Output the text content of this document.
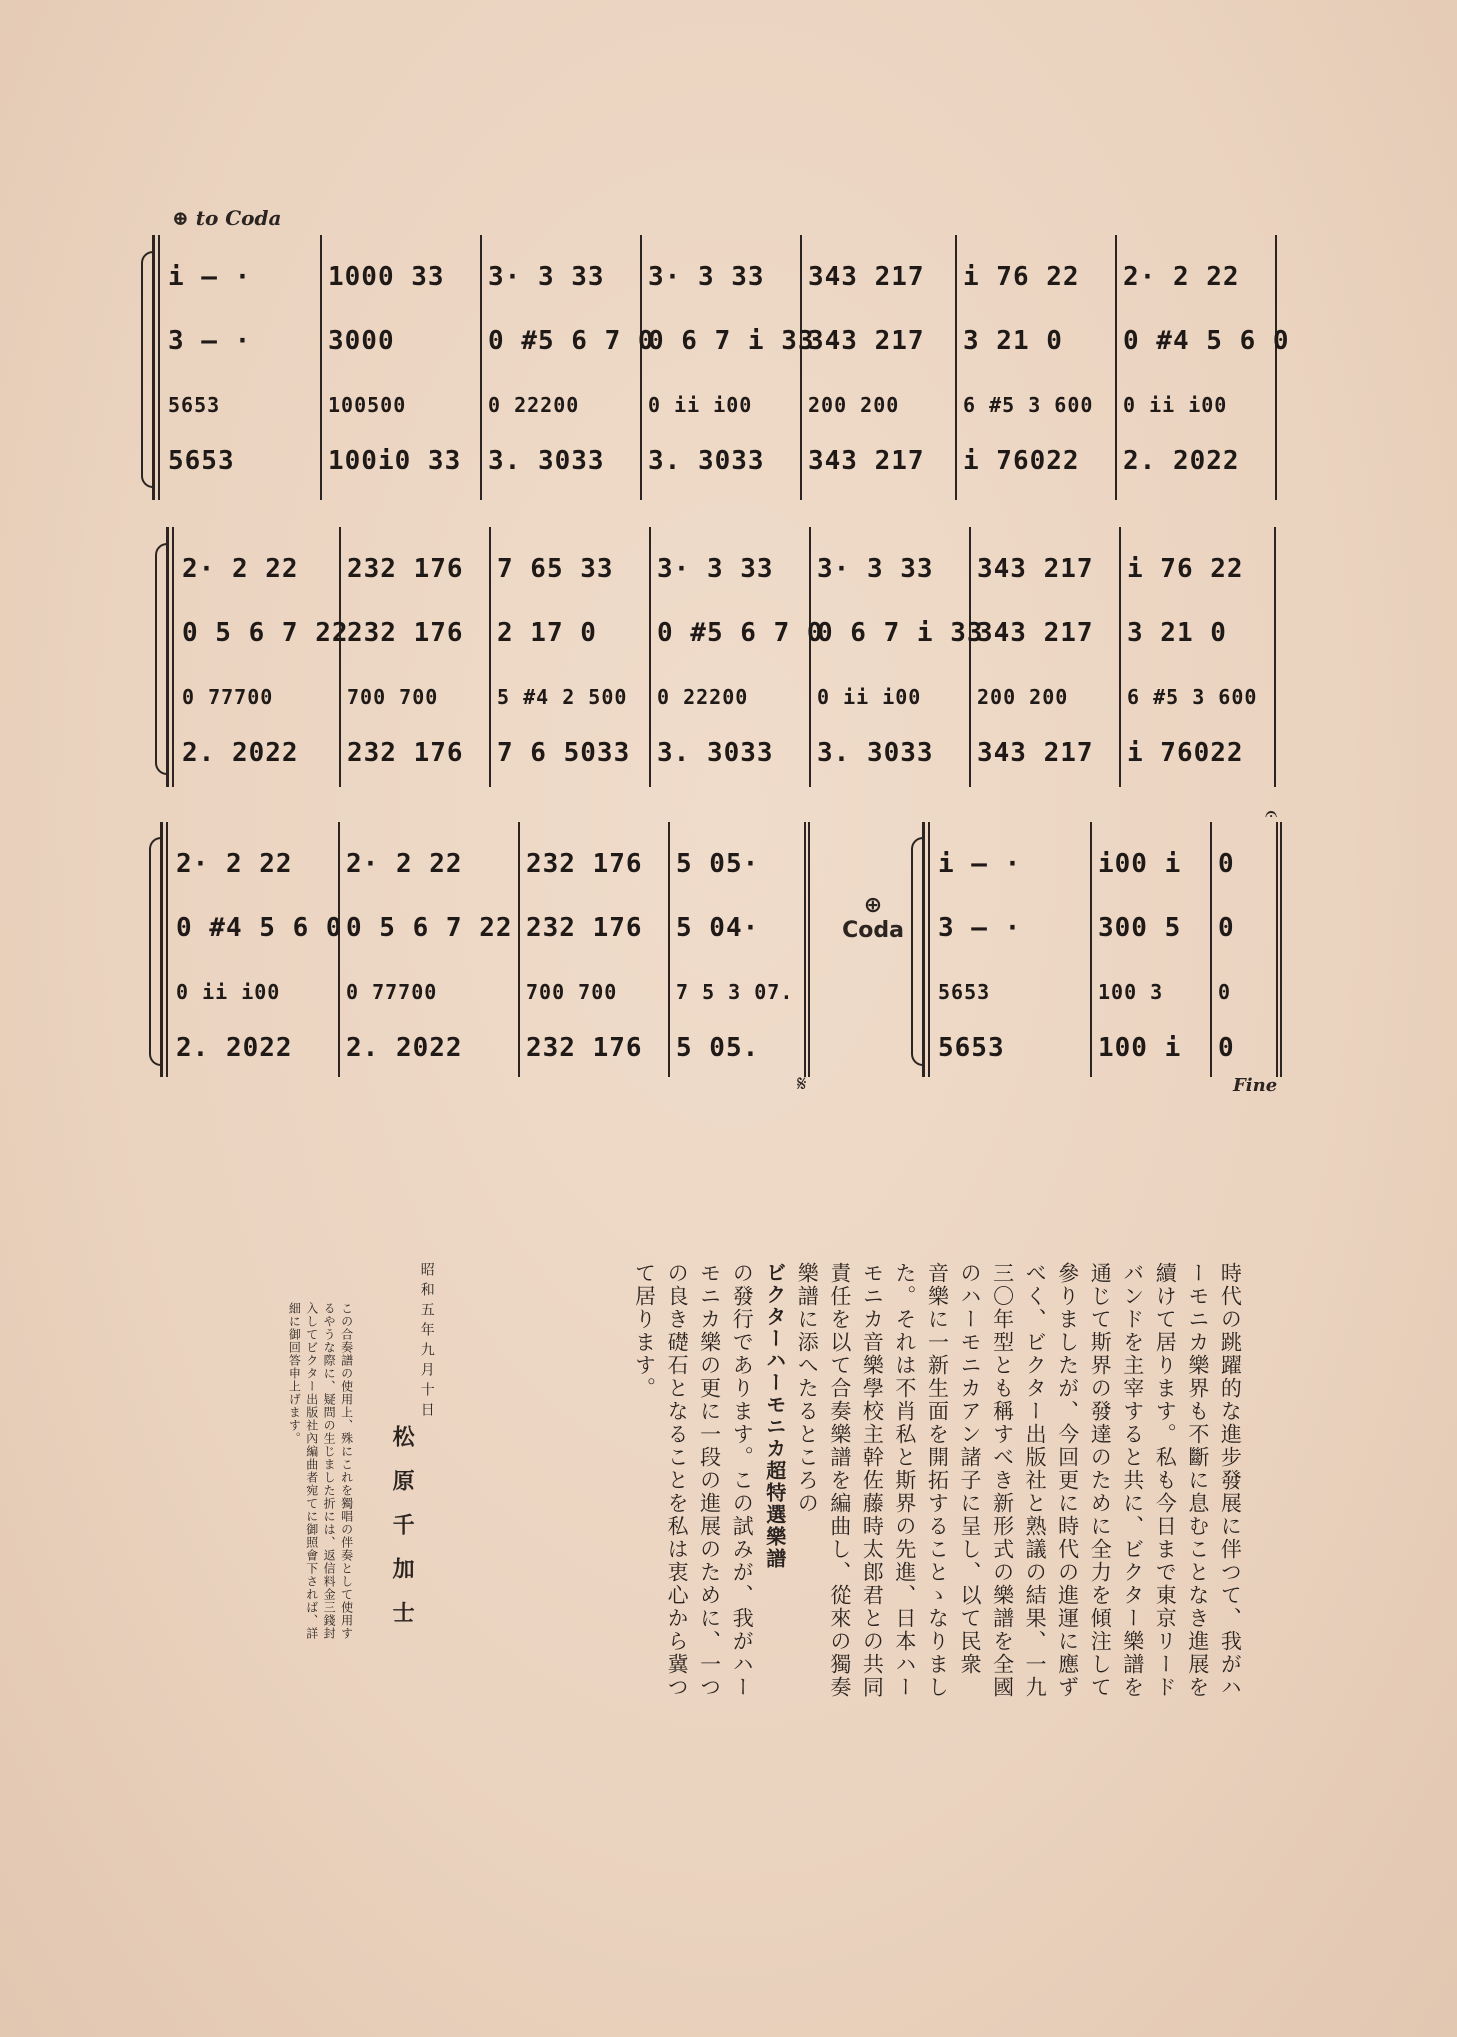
⊕ to Coda
i — ·
3 — ·
5653
5653
1000 33
3000
100500
100i0 33
3· 3 33
0 #5 6 7 0
0 22200
3. 3033
3· 3 33
0 6 7 i 33
0 ii i00
3. 3033
343 217
343 217
200 200
343 217
i 76 22
3 21 0
6 #5 3 600
i 76022
2· 2 22
0 #4 5 6 0
0 ii i00
2. 2022
2· 2 22
0 5 6 7 22
0 77700
2. 2022
232 176
232 176
700 700
232 176
7 65 33
2 17 0
5 #4 2 500
7 6 5033
3· 3 33
0 #5 6 7 0
0 22200
3. 3033
3· 3 33
0 6 7 i 33
0 ii i00
3. 3033
343 217
343 217
200 200
343 217
i 76 22
3 21 0
6 #5 3 600
i 76022
2· 2 22
0 #4 5 6 0
0 ii i00
2. 2022
2· 2 22
0 5 6 7 22
0 77700
2. 2022
232 176
232 176
700 700
232 176
5 05·
5 04·
7 5 3 07.
5 05.
⊕
Coda
i — ·
3 — ·
5653
5653
i00 i
300 5
100 3
100 i
0
0
0
0
𝄋	Fine
𝄐
時代の跳躍的な進步發展に伴つて、我がハ
ーモニカ樂界も不斷に息むことなき進展を
續けて居ります。私も今日まで東京リード
バンドを主宰すると共に、ビクター樂譜を
通じて斯界の發達のために全力を傾注して
參りましたが、今回更に時代の進運に應ず
べく、ビクター出版社と熟議の結果、一九
三〇年型とも稱すべき新形式の樂譜を全國
のハーモニカアン諸子に呈し、以て民衆
音樂に一新生面を開拓することゝなりまし
た。それは不肖私と斯界の先進、日本ハー
モニカ音樂學校主幹佐藤時太郎君との共同
責任を以て合奏樂譜を編曲し、從來の獨奏
樂譜に添へたるところの
ビクターハーモニカ超特選樂譜
の發行であります。この試みが、我がハー
モニカ樂の更に一段の進展のために、一つ
の良き礎石となることを私は衷心から冀つ
て居ります。
昭和五年九月十日
松原千加士
この合奏譜の使用上、殊にこれを獨唱の伴奏として使用す
るやうな際に、疑問の生じました折には、返信料金三錢封
入してビクター出版社內編曲者宛てに御照會下されば、詳
細に御回答申上げます。
